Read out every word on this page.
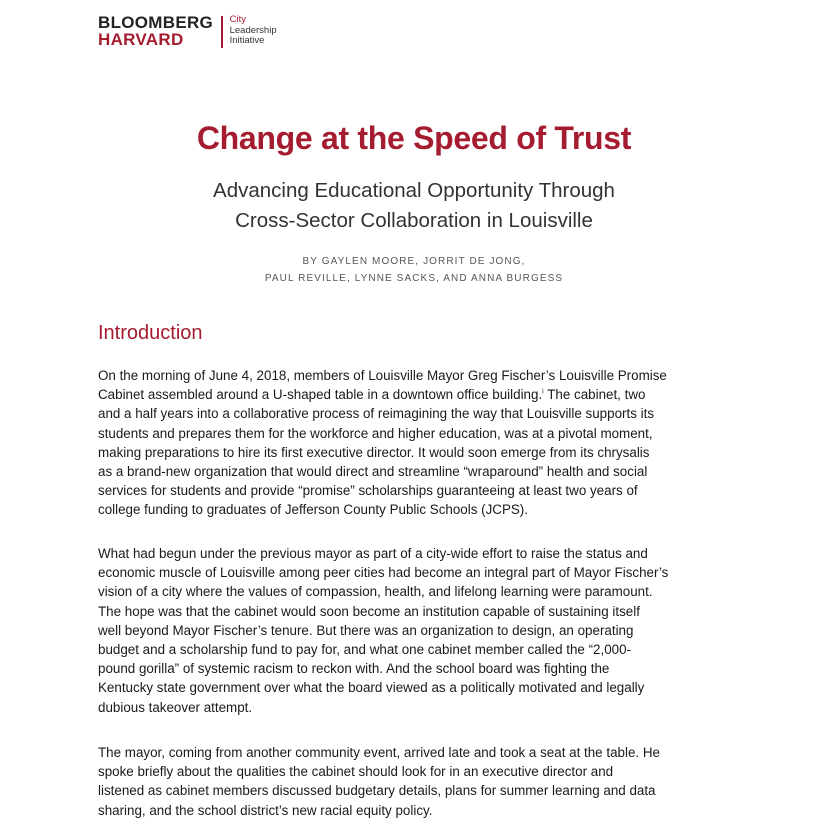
BLOOMBERG
HARVARD
City
Leadership
Initiative
Change at the Speed of Trust
Advancing Educational Opportunity Through
Cross-Sector Collaboration in Louisville
BY GAYLEN MOORE, JORRIT DE JONG,
PAUL REVILLE, LYNNE SACKS, AND ANNA BURGESS
Introduction
On the morning of June 4, 2018, members of Louisville Mayor Greg Fischer’s Louisville Promise
Cabinet assembled around a U-shaped table in a downtown office building.$^i$ The cabinet, two
and a half years into a collaborative process of reimagining the way that Louisville supports its
students and prepares them for the workforce and higher education, was at a pivotal moment,
making preparations to hire its first executive director. It would soon emerge from its chrysalis
as a brand-new organization that would direct and streamline “wraparound” health and social
services for students and provide “promise” scholarships guaranteeing at least two years of
college funding to graduates of Jefferson County Public Schools (JCPS).
What had begun under the previous mayor as part of a city-wide effort to raise the status and
economic muscle of Louisville among peer cities had become an integral part of Mayor Fischer’s
vision of a city where the values of compassion, health, and lifelong learning were paramount.
The hope was that the cabinet would soon become an institution capable of sustaining itself
well beyond Mayor Fischer’s tenure. But there was an organization to design, an operating
budget and a scholarship fund to pay for, and what one cabinet member called the “2,000-
pound gorilla” of systemic racism to reckon with. And the school board was fighting the
Kentucky state government over what the board viewed as a politically motivated and legally
dubious takeover attempt.
The mayor, coming from another community event, arrived late and took a seat at the table. He
spoke briefly about the qualities the cabinet should look for in an executive director and
listened as cabinet members discussed budgetary details, plans for summer learning and data
sharing, and the school district’s new racial equity policy.
